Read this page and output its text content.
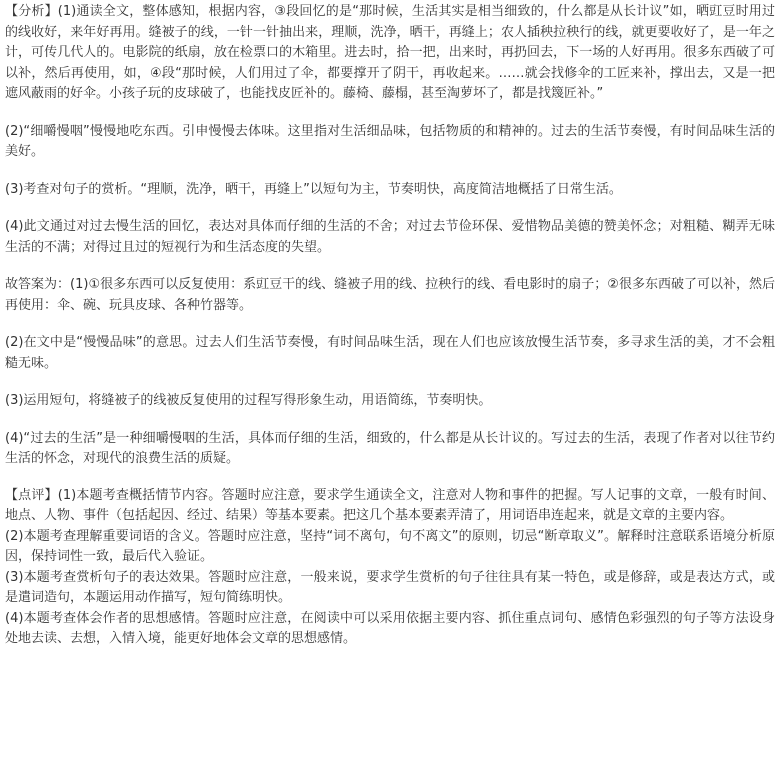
【分析】(1)通读全文，整体感知，根据内容，③段回忆的是“那时候，生活其实是相当细致的，什么都是从长计议”如，晒豇豆时用过的线收好，来年好再用。缝被子的线，一针一针抽出来，理顺，洗净，晒干，再缝上；农人插秧拉秧行的线，就更要收好了，是一年之计，可传几代人的。电影院的纸扇，放在检票口的木箱里。进去时，拾一把，出来时，再扔回去，下一场的人好再用。很多东西破了可以补，然后再使用，如，④段“那时候，人们用过了伞，都要撑开了阴干，再收起来。……就会找修伞的工匠来补，撑出去，又是一把遮风蔽雨的好伞。小孩子玩的皮球破了，也能找皮匠补的。藤椅、藤榻，甚至淘萝坏了，都是找篾匠补。”

(2)“细嚼慢咽”慢慢地吃东西。引申慢慢去体味。这里指对生活细品味，包括物质的和精神的。过去的生活节奏慢，有时间品味生活的美好。

(3)考查对句子的赏析。“理顺，洗净，晒干，再缝上”以短句为主，节奏明快，高度简洁地概括了日常生活。

(4)此文通过对过去慢生活的回忆，表达对具体而仔细的生活的不舍；对过去节俭环保、爱惜物品美德的赞美怀念；对粗糙、糊弄无味生活的不满；对得过且过的短视行为和生活态度的失望。

故答案为：(1)①很多东西可以反复使用：系豇豆干的线、缝被子用的线、拉秧行的线、看电影时的扇子；②很多东西破了可以补，然后再使用：伞、碗、玩具皮球、各种竹器等。

(2)在文中是“慢慢品味”的意思。过去人们生活节奏慢，有时间品味生活，现在人们也应该放慢生活节奏，多寻求生活的美，才不会粗糙无味。

(3)运用短句，将缝被子的线被反复使用的过程写得形象生动，用语简练，节奏明快。

(4)“过去的生活”是一种细嚼慢咽的生活，具体而仔细的生活，细致的，什么都是从长计议的。写过去的生活，表现了作者对以往节约生活的怀念，对现代的浪费生活的质疑。

【点评】(1)本题考查概括情节内容。答题时应注意，要求学生通读全文，注意对人物和事件的把握。写人记事的文章，一般有时间、地点、人物、事件（包括起因、经过、结果）等基本要素。把这几个基本要素弄清了，用词语串连起来，就是文章的主要内容。

(2)本题考查理解重要词语的含义。答题时应注意，坚持“词不离句，句不离文”的原则，切忌“断章取义”。解释时注意联系语境分析原因，保持词性一致，最后代入验证。

(3)本题考查赏析句子的表达效果。答题时应注意，一般来说，要求学生赏析的句子往往具有某一特色，或是修辞，或是表达方式，或是遣词造句，本题运用动作描写，短句简练明快。

(4)本题考查体会作者的思想感情。答题时应注意，在阅读中可以采用依据主要内容、抓住重点词句、感情色彩强烈的句子等方法设身处地去读、去想，入情入境，能更好地体会文章的思想感情。
